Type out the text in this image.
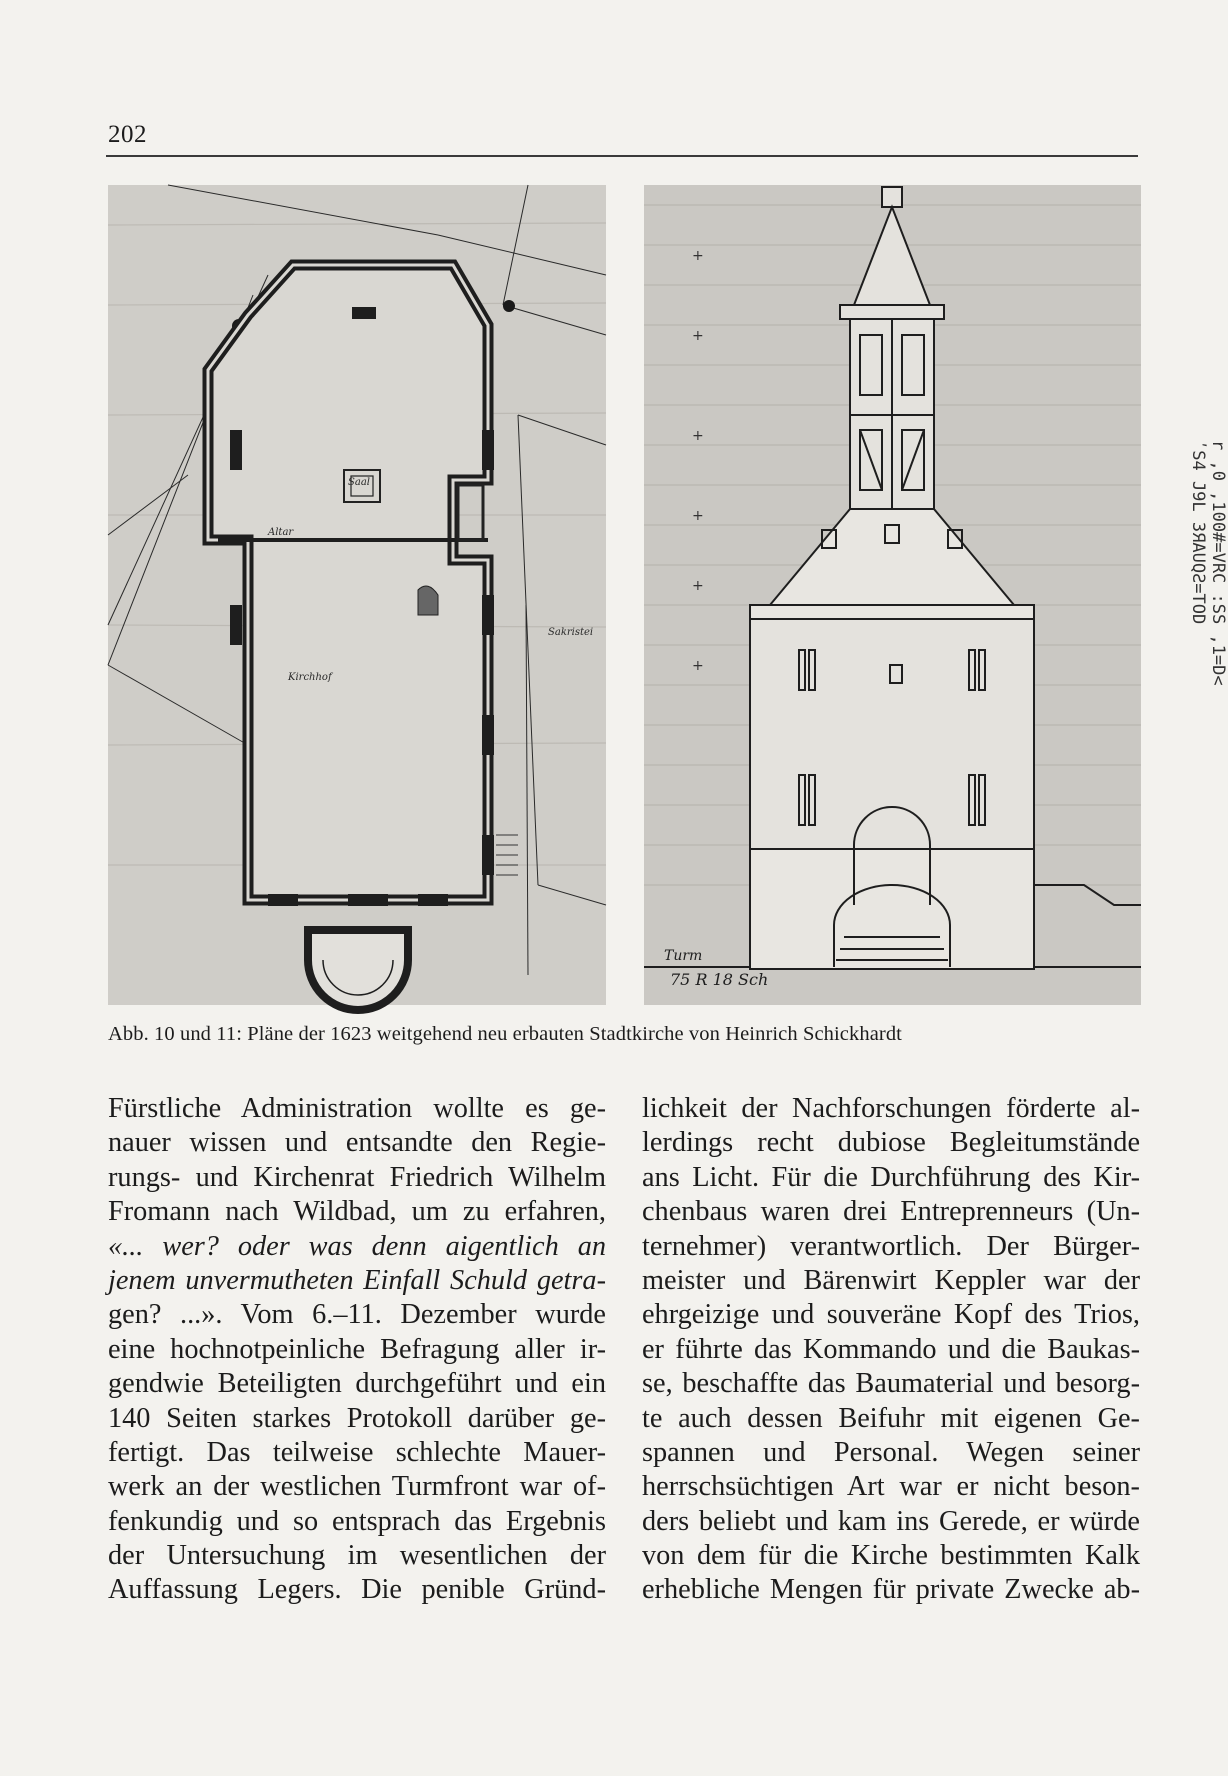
202
Saal
Altar
Kirchhof
Sakristei
+
+
+
+
+
+
Turm
75 R 18 Sch
Abb. 10 und 11: Pläne der 1623 weitgehend neu erbauten Stadtkirche von Heinrich Schickhardt
r ,0 ,100#=VRC :SS ,1=D<
ʹS4 J9L 3ЯAUQƧ=TOD
Fürstliche Administration wollte es ge-
nauer wissen und entsandte den Regie-
rungs- und Kirchenrat Friedrich Wilhelm
Fromann nach Wildbad, um zu erfahren,
«... wer? oder was denn aigentlich an
jenem unvermutheten Einfall Schuld getra-
gen? ...». Vom 6.–11. Dezember wurde
eine hochnotpeinliche Befragung aller ir-
gendwie Beteiligten durchgeführt und ein
140 Seiten starkes Protokoll darüber ge-
fertigt. Das teilweise schlechte Mauer-
werk an der westlichen Turmfront war of-
fenkundig und so entsprach das Ergebnis
der Untersuchung im wesentlichen der
Auffassung Legers. Die penible Gründ-
lichkeit der Nachforschungen förderte al-
lerdings recht dubiose Begleitumstände
ans Licht. Für die Durchführung des Kir-
chenbaus waren drei Entreprenneurs (Un-
ternehmer) verantwortlich. Der Bürger-
meister und Bärenwirt Keppler war der
ehrgeizige und souveräne Kopf des Trios,
er führte das Kommando und die Baukas-
se, beschaffte das Baumaterial und besorg-
te auch dessen Beifuhr mit eigenen Ge-
spannen und Personal. Wegen seiner
herrschsüchtigen Art war er nicht beson-
ders beliebt und kam ins Gerede, er würde
von dem für die Kirche bestimmten Kalk
erhebliche Mengen für private Zwecke ab-
